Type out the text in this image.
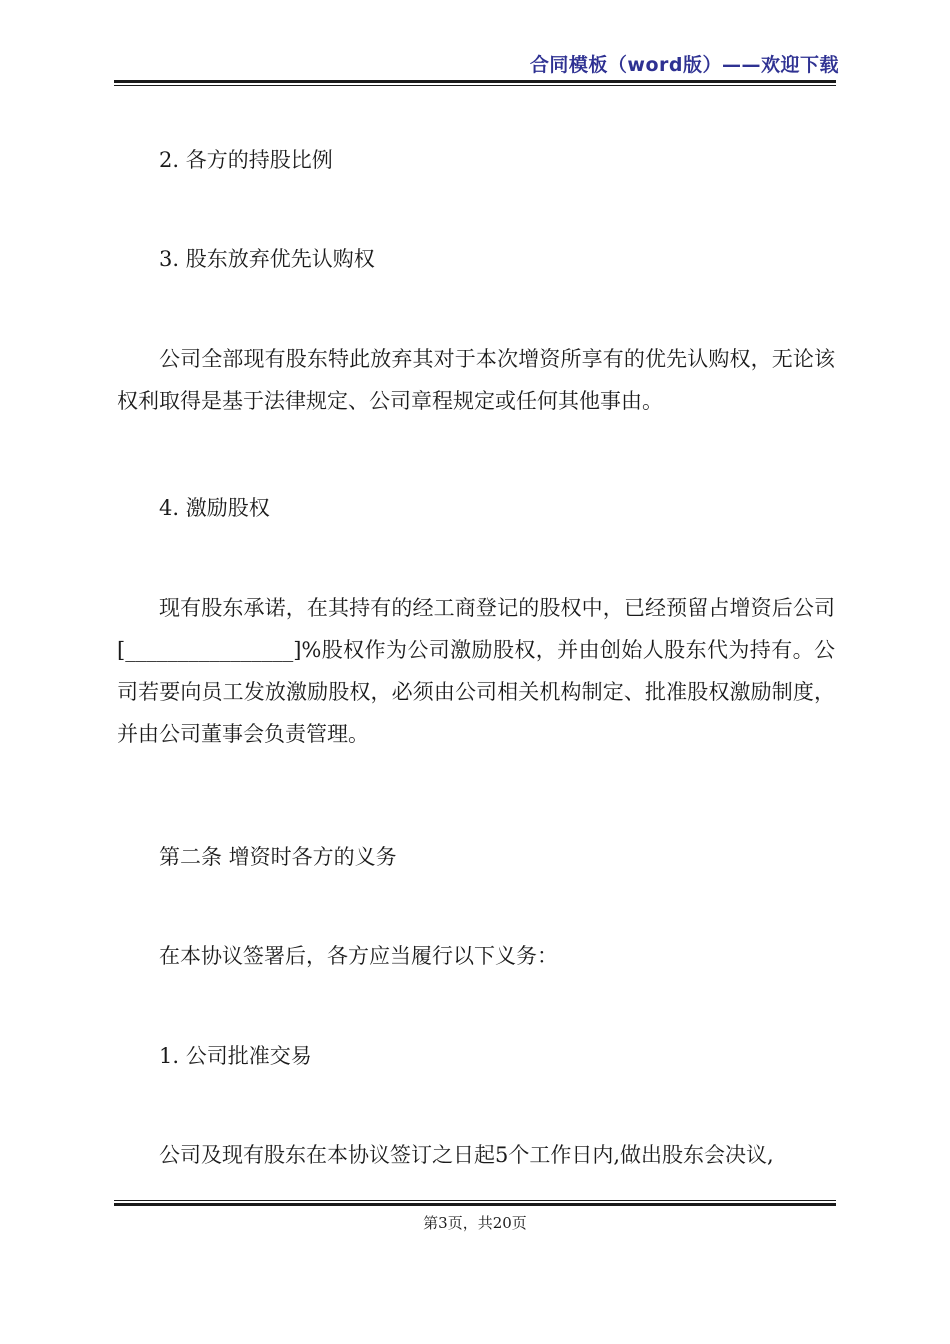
合同模板（word版）——欢迎下载

2. 各方的持股比例

3. 股东放弃优先认购权

公司全部现有股东特此放弃其对于本次增资所享有的优先认购权，无论该权利取得是基于法律规定、公司章程规定或任何其他事由。

4. 激励股权

现有股东承诺，在其持有的经工商登记的股权中，已经预留占增资后公司[________________]%股权作为公司激励股权，并由创始人股东代为持有。公司若要向员工发放激励股权，必须由公司相关机构制定、批准股权激励制度，并由公司董事会负责管理。

第二条 增资时各方的义务

在本协议签署后，各方应当履行以下义务：

1. 公司批准交易

公司及现有股东在本协议签订之日起5个工作日内,做出股东会决议,

第3页，共20页
